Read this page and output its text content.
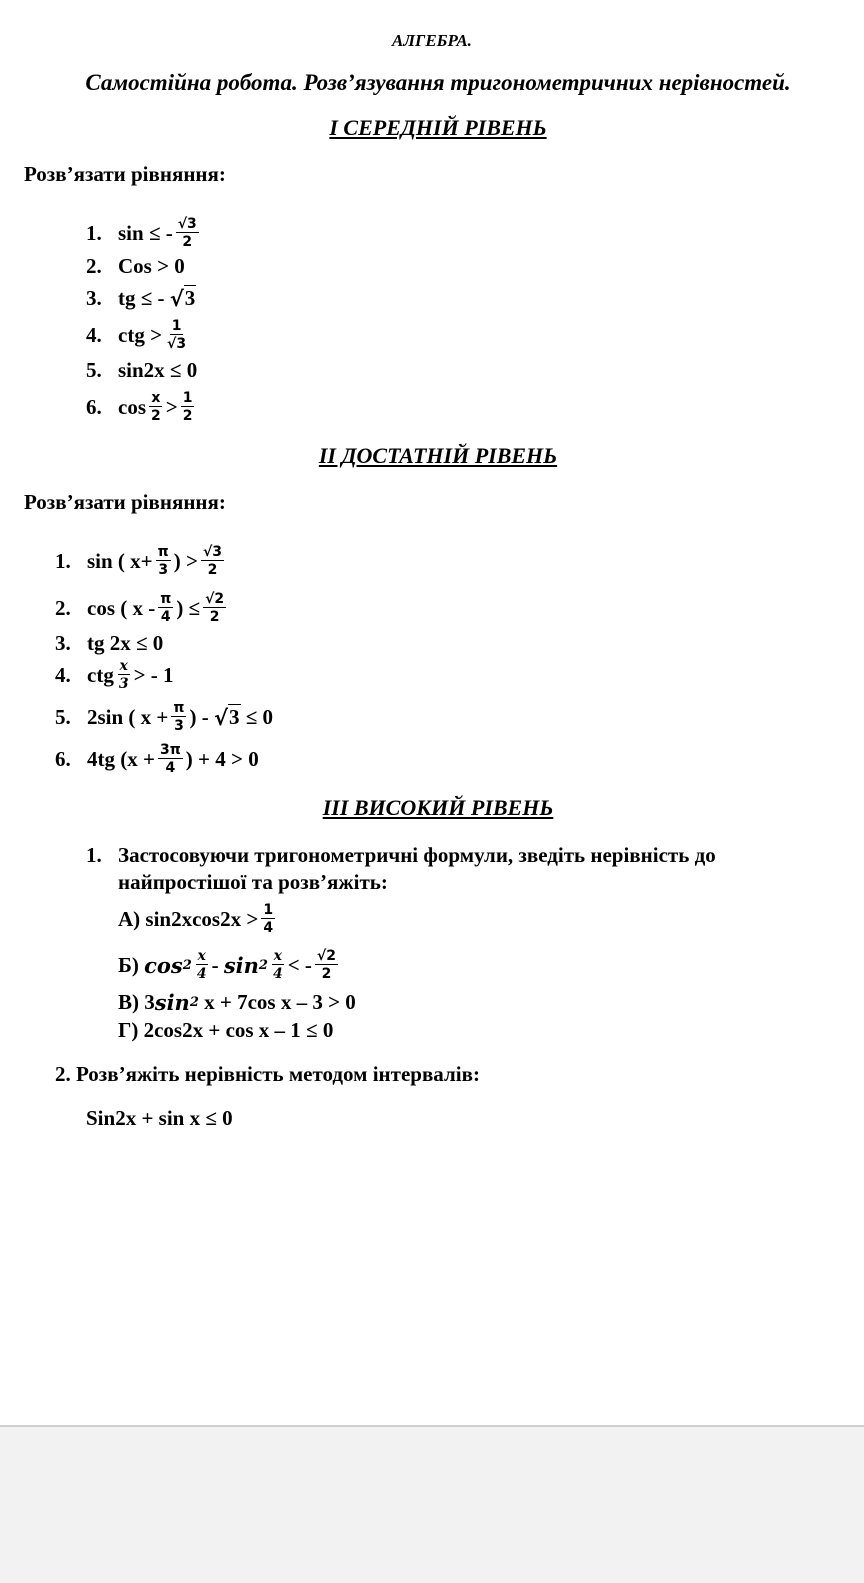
АЛГЕБРА.
Самостійна робота. Розв’язування тригонометричних нерівностей.
І СЕРЕДНІЙ РІВЕНЬ
Розв’язати рівняння:
1. sin
≤ - $\frac{√3}{2}$
2. Cos > 0
3. tg
≤ -
√ 3
4. ctg
> $\frac{1}{√3}$
5. sin2x ≤ 0
6. $\cos \frac{x}{2} > \frac{1}{2}$
ІІ ДОСТАТНІЙ РІВЕНЬ
Розв’язати рівняння:
1. sin ( $x+ \frac{\pi}{3}$ ) > $\frac{√3}{2}$
2. cos ( x - $\frac{\pi}{4}$ ) ≤ $\frac{√2}{2}$
3. tg 2x ≤ 0
4. ctg $\frac{x}{3}$ > - 1
5. 2sin ( $x + \frac{\pi}{3}$ ) -
√ 3
≤ 0
6. 4tg ($x + \frac{3\pi}{4}$ ) + 4 > 0
ІІІ ВИСОКИЙ РІВЕНЬ
1. Застосовуючи тригонометричні формули, зведіть нерівність до
найпростішої та розв’яжіть:
А) $\sin 2xcos2x > \frac{1}{4}$
Б)
$\cos 2 \frac{x}{4}$ -
$\sin 2 \frac{x}{4}$ < - $\frac{√2}{2}$
В) 3 sin 2
x + 7cos x – 3 > 0
Г) 2cos2x + cos x – 1 ≤ 0
2. Розв’яжіть нерівність методом інтервалів:
Sin2x + sin x ≤ 0
